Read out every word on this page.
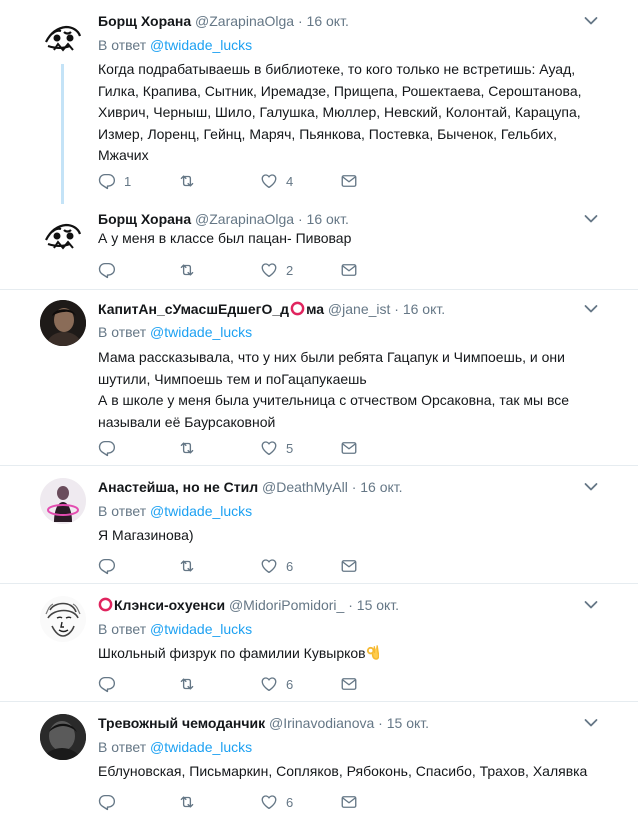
Борщ Хорана @ZarapinaOlga · 16 окт.
В ответ @twidade_lucks
Когда подрабатываешь в библиотеке, то кого только не встретишь: Ауад, Гилка, Крапива, Сытник, Иремадзе, Прищепа, Рошектаева, Сероштанова, Хиврич, Черныш, Шило, Галушка, Мюллер, Невский, Колонтай, Карацупа, Измер, Лоренц, Гейнц, Маряч, Пьянкова, Постевка, Быченок, Гельбих, Мжачих
1	4
Борщ Хорана @ZarapinaOlga · 16 окт.
А у меня в классе был пацан- Пивовар
2
КапитАн_сУмасшЕдшегО_д ма @jane_ist · 16 окт.
В ответ @twidade_lucks
Мама рассказывала, что у них были ребята Гацапук и Чимпоешь, и они
шутили, Чимпоешь тем и поГацапукаешь
А в школе у меня была учительница с отчеством Орсаковна, так мы все
называли её Баурсаковной
5
Анастейша, но не Стил @DeathMyAll · 16 окт.
В ответ @twidade_lucks
Я Магазинова)
6
Клэнси-охуенси @MidoriPomidori_ · 15 окт.
В ответ @twidade_lucks
Школьный физрук по фамилии Кувырков
6
Тревожный чемоданчик @Irinavodianova · 15 окт.
В ответ @twidade_lucks
Еблуновская, Письмаркин, Сопляков, Рябоконь, Спасибо, Трахов, Халявка
6
